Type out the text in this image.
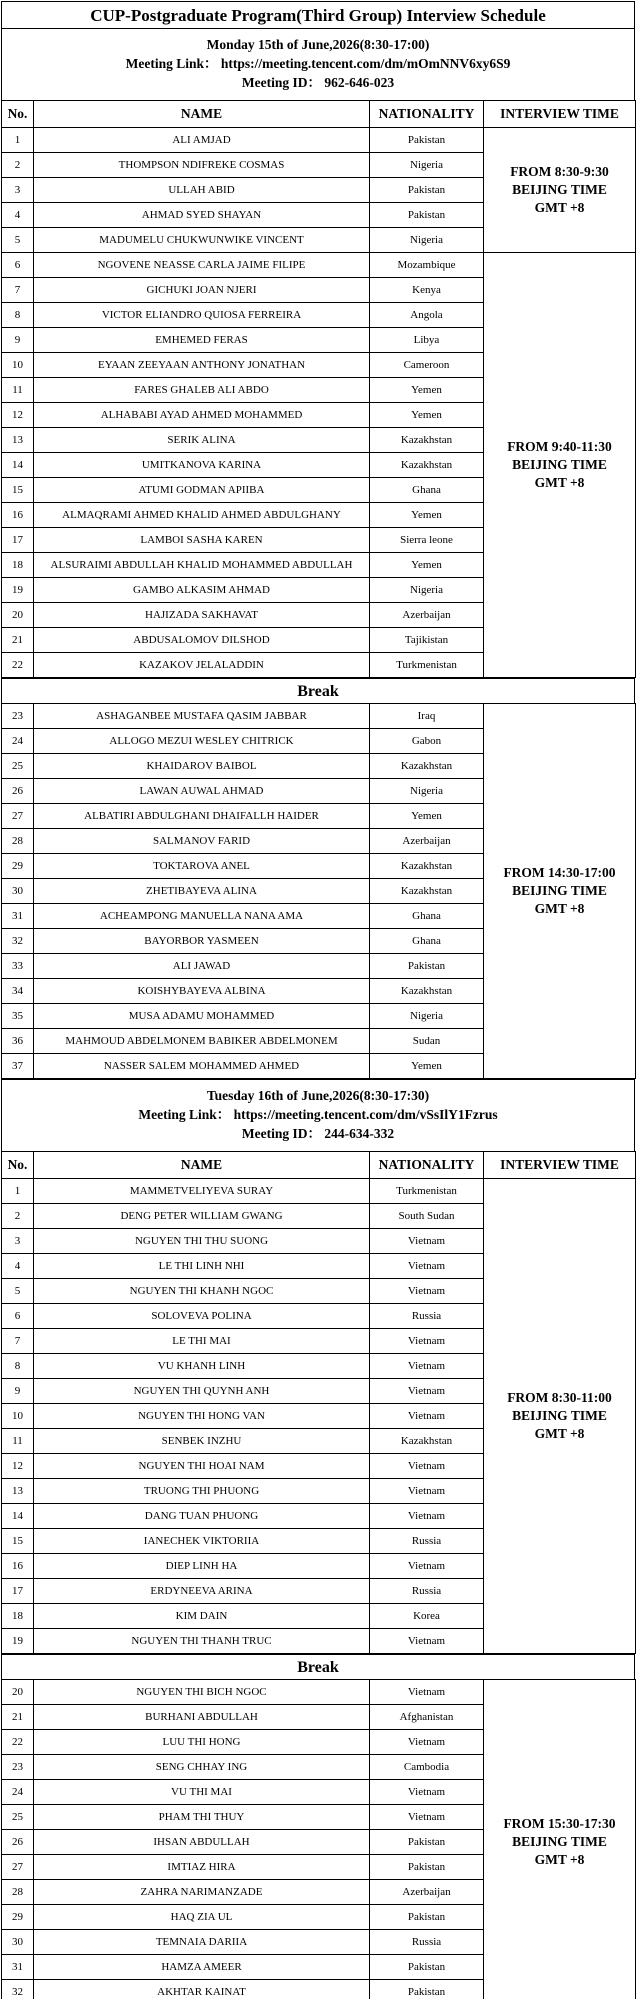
CUP-Postgraduate Program(Third Group) Interview Schedule
Monday 15th of June,2026(8:30-17:00)
Meeting Link： https://meeting.tencent.com/dm/mOmNNV6xy6S9
Meeting ID： 962-646-023
No.	NAME	NATIONALITY	INTERVIEW TIME
1	ALI AMJAD	Pakistan	FROM 8:30-9:30
BEIJING TIME
GMT +8

2	THOMPSON NDIFREKE COSMAS	Nigeria	
3	ULLAH ABID	Pakistan	
4	AHMAD SYED SHAYAN	Pakistan	
5	MADUMELU CHUKWUNWIKE VINCENT	Nigeria	
6	NGOVENE NEASSE CARLA JAIME FILIPE	Mozambique	FROM 9:40-11:30
BEIJING TIME
GMT +8

7	GICHUKI JOAN NJERI	Kenya	
8	VICTOR ELIANDRO QUIOSA FERREIRA	Angola	
9	EMHEMED FERAS	Libya	
10	EYAAN ZEEYAAN ANTHONY JONATHAN	Cameroon	
11	FARES GHALEB ALI ABDO	Yemen	
12	ALHABABI AYAD AHMED MOHAMMED	Yemen	
13	SERIK ALINA	Kazakhstan	
14	UMITKANOVA KARINA	Kazakhstan	
15	ATUMI GODMAN APIIBA	Ghana	
16	ALMAQRAMI AHMED KHALID AHMED ABDULGHANY	Yemen	
17	LAMBOI SASHA KAREN	Sierra leone	
18	ALSURAIMI ABDULLAH KHALID MOHAMMED ABDULLAH	Yemen	
19	GAMBO ALKASIM AHMAD	Nigeria	
20	HAJIZADA SAKHAVAT	Azerbaijan	
21	ABDUSALOMOV DILSHOD	Tajikistan	
22	KAZAKOV JELALADDIN	Turkmenistan	
Break
23	ASHAGANBEE MUSTAFA QASIM JABBAR	Iraq	FROM 14:30-17:00
BEIJING TIME
GMT +8

24	ALLOGO MEZUI WESLEY CHITRICK	Gabon	
25	KHAIDAROV BAIBOL	Kazakhstan	
26	LAWAN AUWAL AHMAD	Nigeria	
27	ALBATIRI ABDULGHANI DHAIFALLH HAIDER	Yemen	
28	SALMANOV FARID	Azerbaijan	
29	TOKTAROVA ANEL	Kazakhstan	
30	ZHETIBAYEVA ALINA	Kazakhstan	
31	ACHEAMPONG MANUELLA NANA AMA	Ghana	
32	BAYORBOR YASMEEN	Ghana	
33	ALI JAWAD	Pakistan	
34	KOISHYBAYEVA ALBINA	Kazakhstan	
35	MUSA ADAMU MOHAMMED	Nigeria	
36	MAHMOUD ABDELMONEM BABIKER ABDELMONEM	Sudan	
37	NASSER SALEM MOHAMMED AHMED	Yemen	
Tuesday 16th of June,2026(8:30-17:30)
Meeting Link： https://meeting.tencent.com/dm/vSsIlY1Fzrus
Meeting ID： 244-634-332
No.	NAME	NATIONALITY	INTERVIEW TIME
1	MAMMETVELIYEVA SURAY	Turkmenistan	FROM 8:30-11:00
BEIJING TIME
GMT +8

2	DENG PETER WILLIAM GWANG	South Sudan	
3	NGUYEN THI THU SUONG	Vietnam	
4	LE THI LINH NHI	Vietnam	
5	NGUYEN THI KHANH NGOC	Vietnam	
6	SOLOVEVA POLINA	Russia	
7	LE THI MAI	Vietnam	
8	VU KHANH LINH	Vietnam	
9	NGUYEN THI QUYNH ANH	Vietnam	
10	NGUYEN THI HONG VAN	Vietnam	
11	SENBEK INZHU	Kazakhstan	
12	NGUYEN THI HOAI NAM	Vietnam	
13	TRUONG THI PHUONG	Vietnam	
14	DANG TUAN PHUONG	Vietnam	
15	IANECHEK VIKTORIIA	Russia	
16	DIEP LINH HA	Vietnam	
17	ERDYNEEVA ARINA	Russia	
18	KIM DAIN	Korea	
19	NGUYEN THI THANH TRUC	Vietnam	
Break
20	NGUYEN THI BICH NGOC	Vietnam	FROM 15:30-17:30
BEIJING TIME
GMT +8

21	BURHANI ABDULLAH	Afghanistan	
22	LUU THI HONG	Vietnam	
23	SENG CHHAY ING	Cambodia	
24	VU THI MAI	Vietnam	
25	PHAM THI THUY	Vietnam	
26	IHSAN ABDULLAH	Pakistan	
27	IMTIAZ HIRA	Pakistan	
28	ZAHRA NARIMANZADE	Azerbaijan	
29	HAQ ZIA UL	Pakistan	
30	TEMNAIA DARIIA	Russia	
31	HAMZA AMEER	Pakistan	
32	AKHTAR KAINAT	Pakistan	
